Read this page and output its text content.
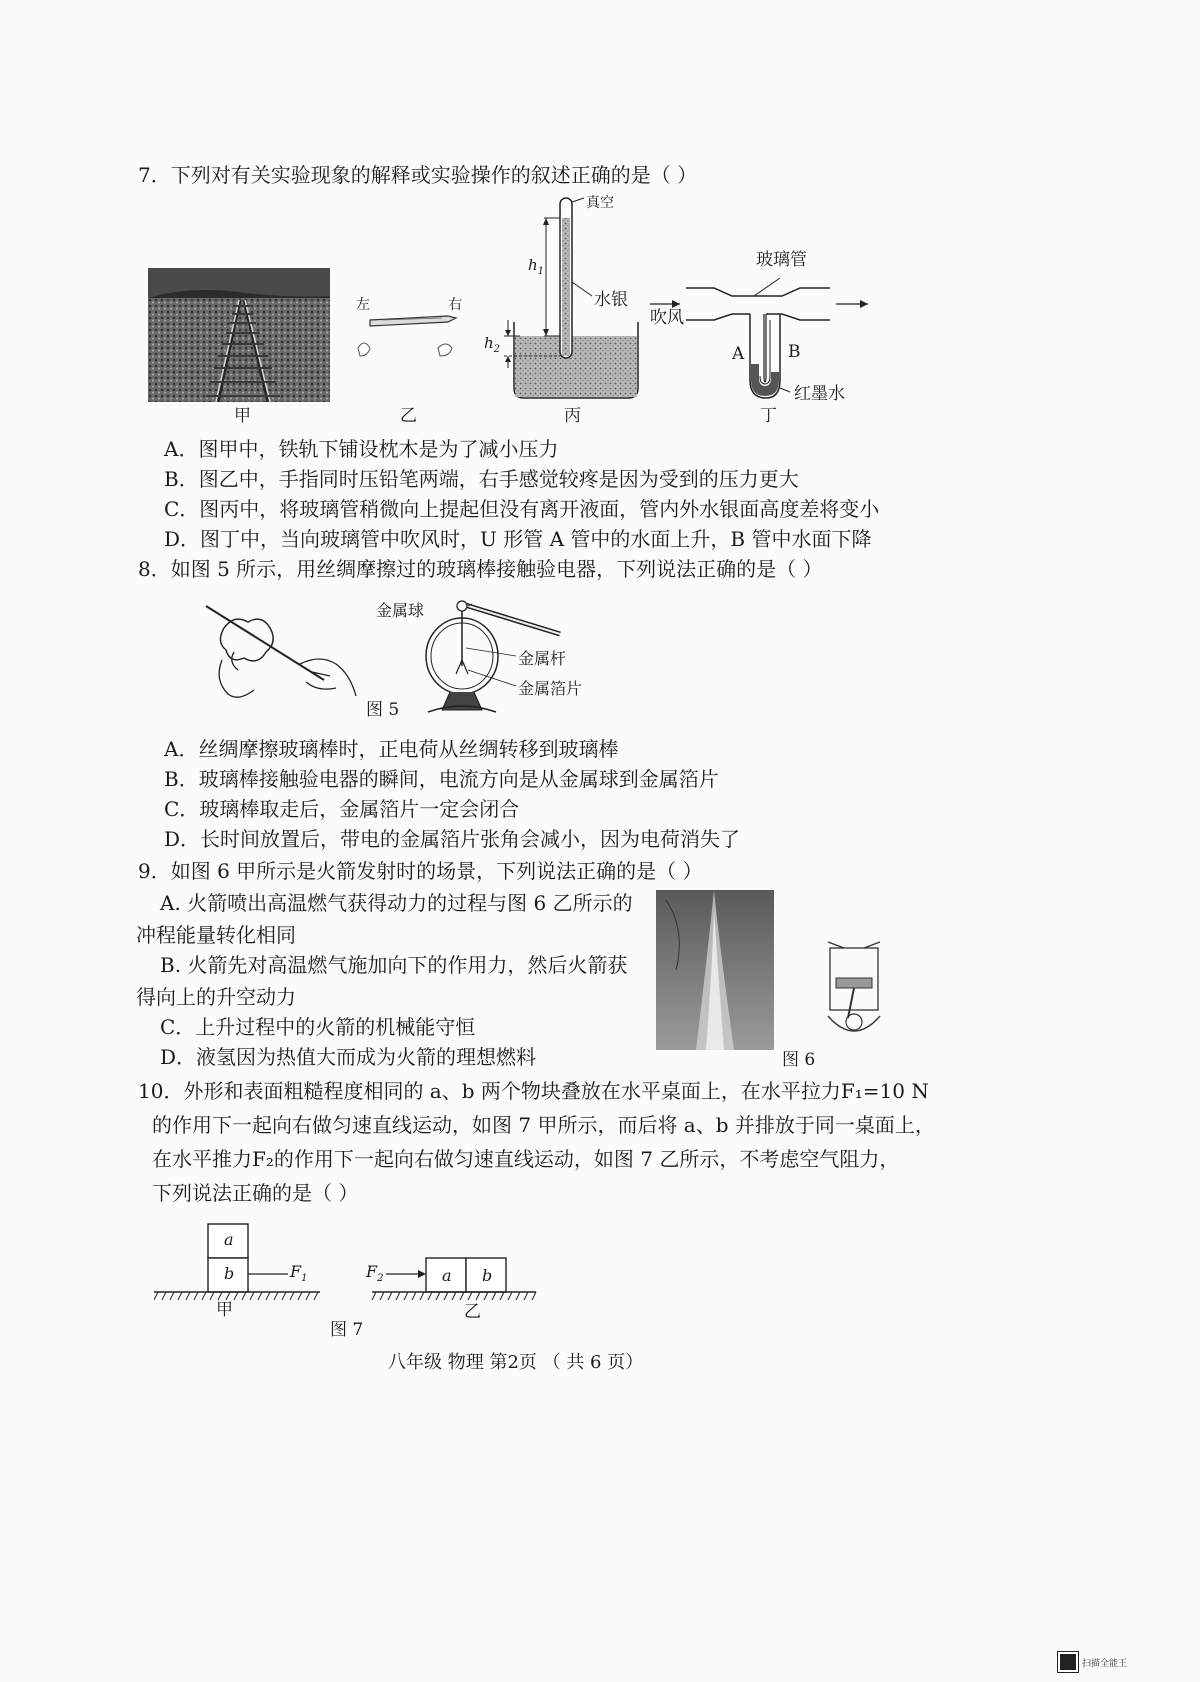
7．下列对有关实验现象的解释或实验操作的叙述正确的是（ ）
甲
左	右
乙
真空
水银
$h_1$
$h_2$
丙
玻璃管
吹风
A	B
红墨水
丁
A．图甲中，铁轨下铺设枕木是为了减小压力
B．图乙中，手指同时压铅笔两端，右手感觉较疼是因为受到的压力更大
C．图丙中，将玻璃管稍微向上提起但没有离开液面，管内外水银面高度差将变小
D．图丁中，当向玻璃管中吹风时，U 形管 A 管中的水面上升，B 管中水面下降
8．如图 5 所示，用丝绸摩擦过的玻璃棒接触验电器，下列说法正确的是（ ）
金属球
金属杆
金属箔片
图 5
A．丝绸摩擦玻璃棒时，正电荷从丝绸转移到玻璃棒
B．玻璃棒接触验电器的瞬间，电流方向是从金属球到金属箔片
C．玻璃棒取走后，金属箔片一定会闭合
D．长时间放置后，带电的金属箔片张角会减小，因为电荷消失了
9．如图 6 甲所示是火箭发射时的场景，下列说法正确的是（ ）
A. 火箭喷出高温燃气获得动力的过程与图 6 乙所示的
冲程能量转化相同
B. 火箭先对高温燃气施加向下的作用力，然后火箭获
得向上的升空动力
C．上升过程中的火箭的机械能守恒
D．液氢因为热值大而成为火箭的理想燃料	图 6
10．外形和表面粗糙程度相同的 a、b 两个物块叠放在水平桌面上，在水平拉力F₁=10 N
的作用下一起向右做匀速直线运动，如图 7 甲所示，而后将 a、b 并排放于同一桌面上，
在水平推力F₂的作用下一起向右做匀速直线运动，如图 7 乙所示，不考虑空气阻力，
下列说法正确的是（ ）
a
b	$F_1$
甲
$F_2$	a b
乙
图 7
八年级 物理 第2页 （ 共 6 页）
扫描全能王
